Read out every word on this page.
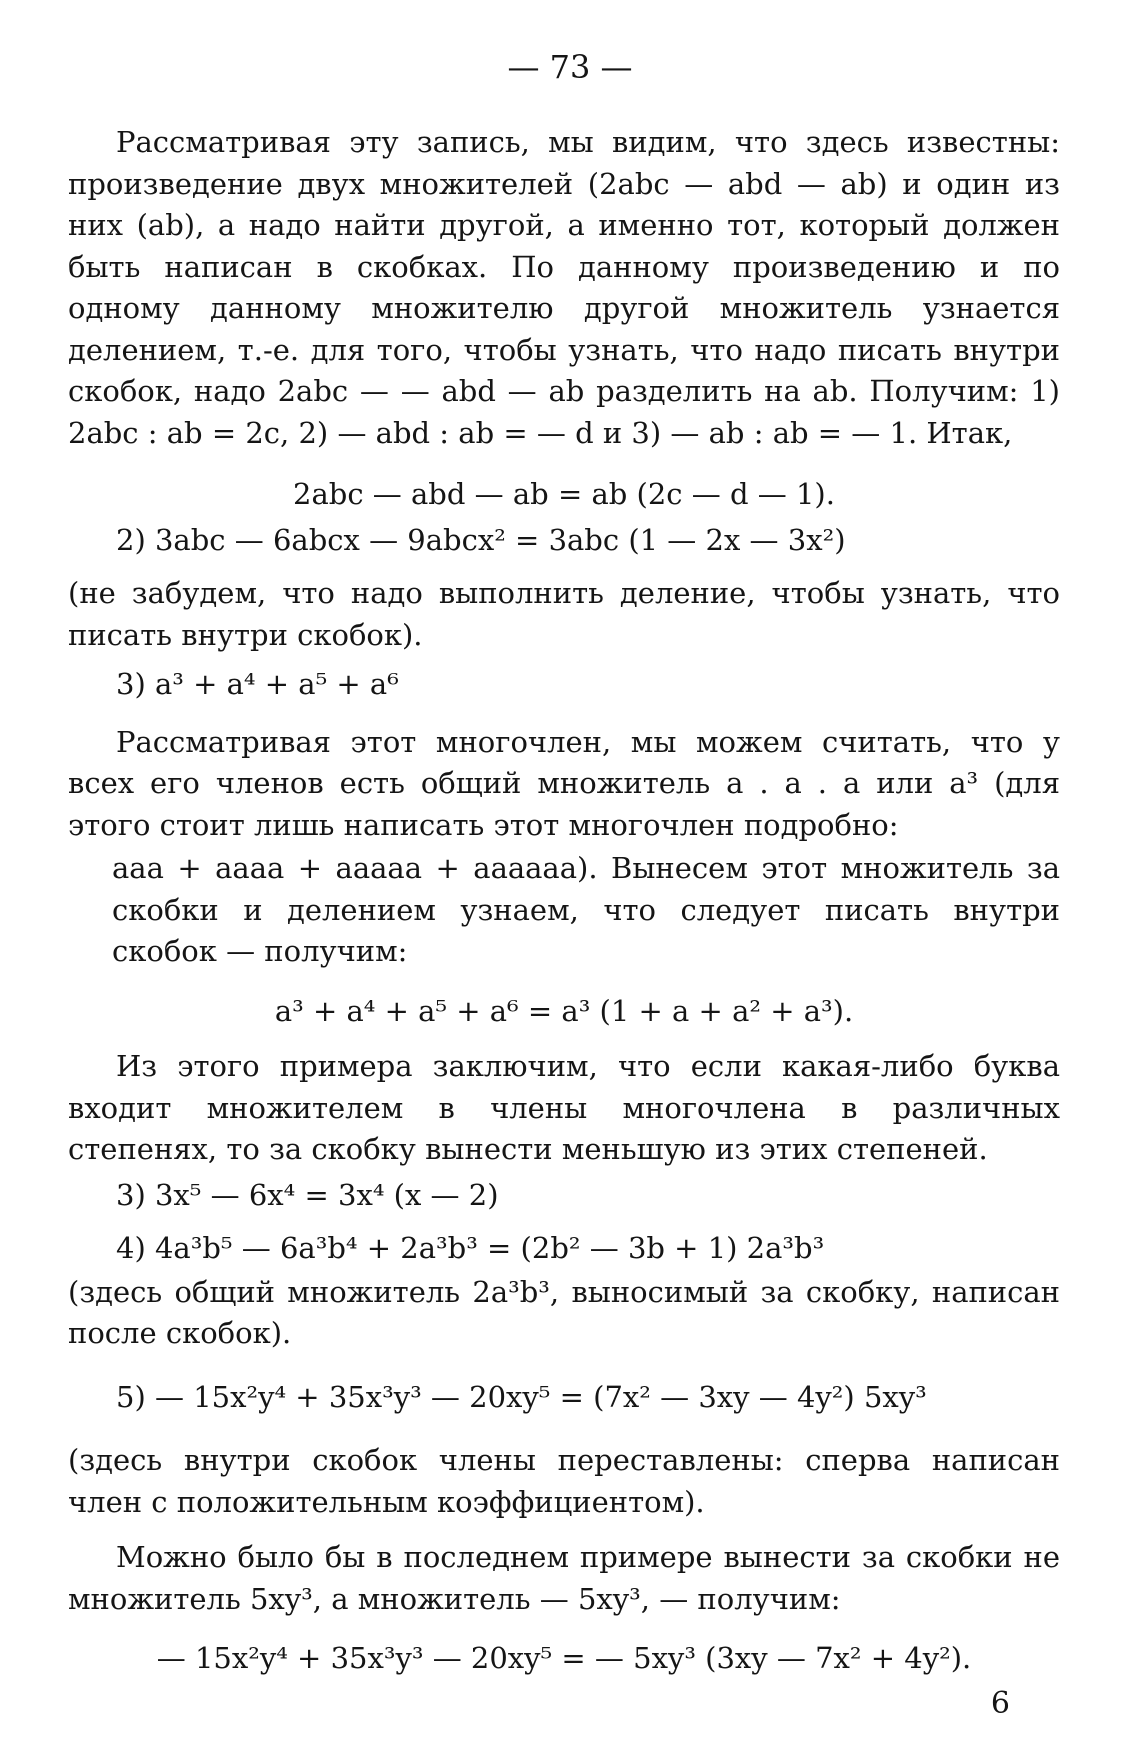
— 73 —

Рассматривая эту запись, мы видим, что здесь известны: произведение двух множителей (2abc — abd — ab) и один из них (ab), а надо найти другой, а именно тот, который должен быть написан в скобках. По данному произведению и по одному данному множителю другой множитель узнается делением, т.-е. для того, чтобы узнать, что надо писать внутри скобок, надо 2abc — — abd — ab разделить на ab. Получим: 1) 2abc : ab = 2c, 2) — abd : ab = — d и 3) — ab : ab = — 1. Итак,

2abc — abd — ab = ab (2c — d — 1).

2) 3abc — 6abcx — 9abcx² = 3abc (1 — 2x — 3x²)

(не забудем, что надо выполнить деление, чтобы узнать, что писать внутри скобок).

3) a³ + a⁴ + a⁵ + a⁶

Рассматривая этот многочлен, мы можем считать, что у всех его членов есть общий множитель a . a . a или a³ (для этого стоит лишь написать этот многочлен подробно:

aaa + aaaa + aaaaa + aaaaaa). Вынесем этот множитель за скобки и делением узнаем, что следует писать внутри скобок — получим:

a³ + a⁴ + a⁵ + a⁶ = a³ (1 + a + a² + a³).

Из этого примера заключим, что если какая-либо буква входит множителем в члены многочлена в различных степенях, то за скобку вынести меньшую из этих степеней.

3) 3x⁵ — 6x⁴ = 3x⁴ (x — 2)

4) 4a³b⁵ — 6a³b⁴ + 2a³b³ = (2b² — 3b + 1) 2a³b³

(здесь общий множитель 2a³b³, выносимый за скобку, написан после скобок).

5) — 15x²y⁴ + 35x³y³ — 20xy⁵ = (7x² — 3xy — 4y²) 5xy³

(здесь внутри скобок члены переставлены: сперва написан член с положительным коэффициентом).

Можно было бы в последнем примере вынести за скобки не множитель 5xy³, а множитель — 5xy³, — получим:

— 15x²y⁴ + 35x³y³ — 20xy⁵ = — 5xy³ (3xy — 7x² + 4y²).

6
